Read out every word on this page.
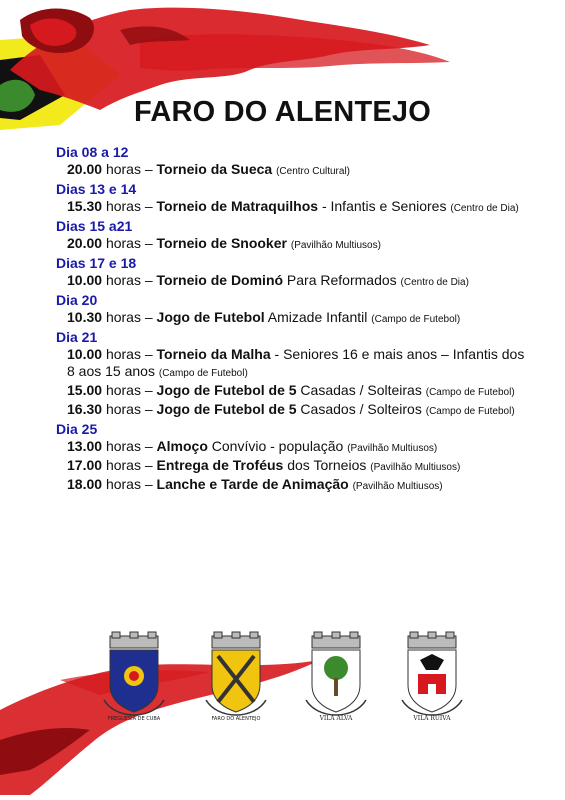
FARO DO ALENTEJO
Dia 08 a 12
20.00 horas – Torneio da Sueca (Centro Cultural)
Dias 13 e 14
15.30 horas – Torneio de Matraquilhos - Infantis e Seniores (Centro de Dia)
Dias 15 a21
20.00 horas – Torneio de Snooker (Pavilhão Multiusos)
Dias 17 e 18
10.00 horas – Torneio de Dominó Para Reformados (Centro de Dia)
Dia 20
10.30 horas – Jogo de Futebol Amizade Infantil (Campo de Futebol)
Dia 21
10.00 horas – Torneio da Malha - Seniores 16 e mais anos – Infantis dos 8 aos 15 anos (Campo de Futebol)
15.00 horas – Jogo de Futebol de 5 Casadas / Solteiras (Campo de Futebol)
16.30 horas – Jogo de Futebol de 5 Casados / Solteiros (Campo de Futebol)
Dia 25
13.00 horas – Almoço Convívio - população (Pavilhão Multiusos)
17.00 horas – Entrega de Troféus dos Torneios (Pavilhão Multiusos)
18.00 horas – Lanche e Tarde de Animação (Pavilhão Multiusos)
FREGUESIA DE CUBA	FARO DO ALENTEJO	VILA ALVA	VILA RUIVA
